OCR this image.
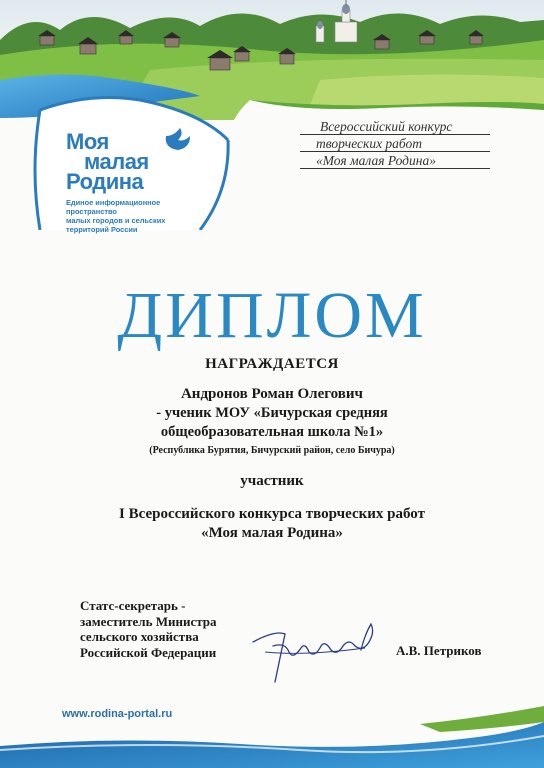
Моя

малая

Родина

Единое информационное
пространство
малых городов и сельских
территорий России
Всероссийский конкурс
творческих работ
«Моя малая Родина»
ДИПЛОМ
НАГРАЖДАЕТСЯ
Андронов Роман Олегович
- ученик МОУ «Бичурская средняя
общеобразовательная школа №1»
(Республика Бурятия, Бичурский район, село Бичура)
участник
I Всероссийского конкурса творческих работ
«Моя малая Родина»
Статс-секретарь -
заместитель Министра
сельского хозяйства
Российской Федерации	А.В. Петриков
www.rodina-portal.ru
